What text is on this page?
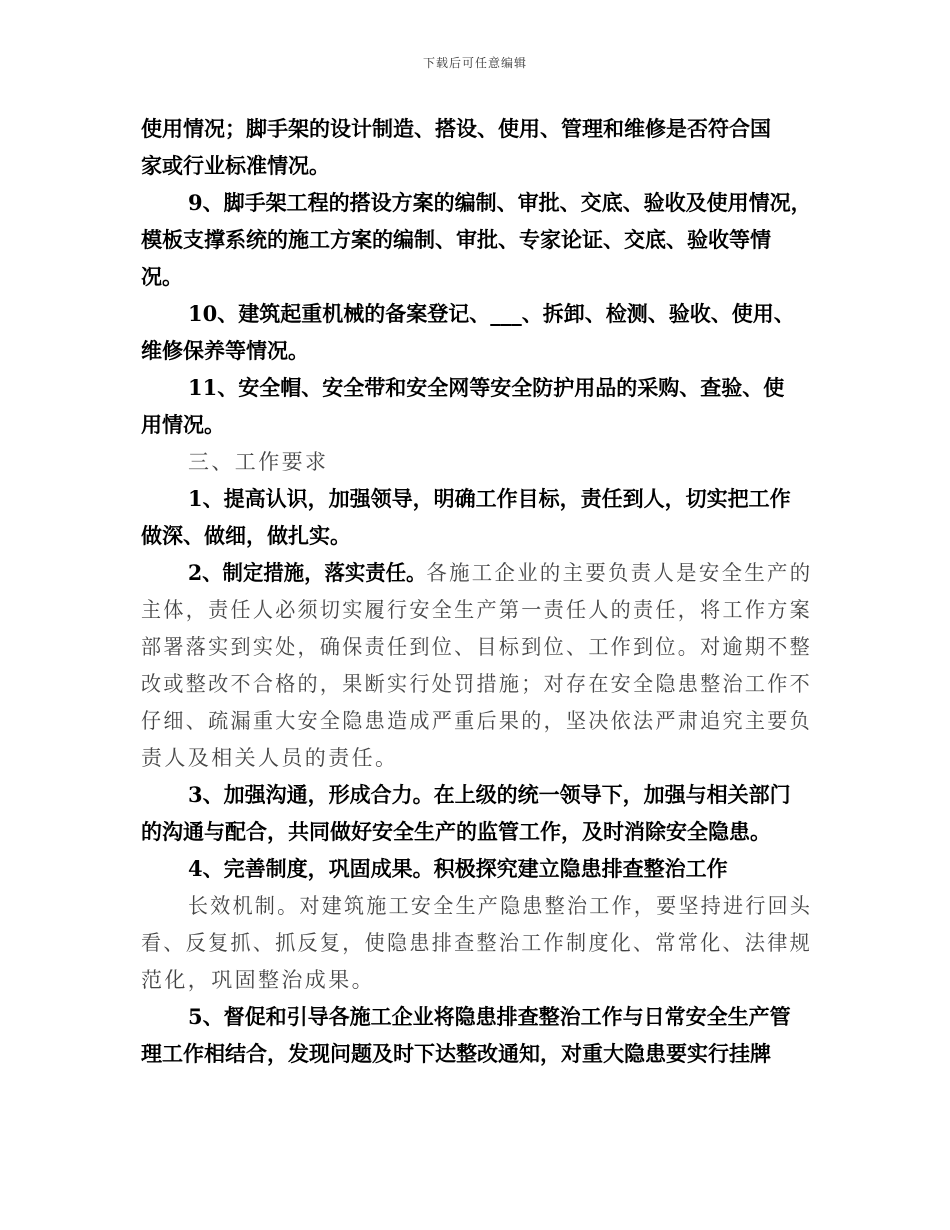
下载后可任意编辑
使用情况；脚手架的设计制造、搭设、使用、管理和维修是否符合国
家或行业标准情况。
9、脚手架工程的搭设方案的编制、审批、交底、验收及使用情况，
模板支撑系统的施工方案的编制、审批、专家论证、交底、验收等情
况。
10、建筑起重机械的备案登记、___、拆卸、检测、验收、使用、
维修保养等情况。
11、安全帽、安全带和安全网等安全防护用品的采购、查验、使
用情况。
三、工作要求
1、提高认识，加强领导，明确工作目标，责任到人，切实把工作
做深、做细，做扎实。
2、制定措施，落实责任。各施工企业的主要负责人是安全生产的
主体，责任人必须切实履行安全生产第一责任人的责任，将工作方案
部署落实到实处，确保责任到位、目标到位、工作到位。对逾期不整
改或整改不合格的，果断实行处罚措施；对存在安全隐患整治工作不
仔细、疏漏重大安全隐患造成严重后果的，坚决依法严肃追究主要负
责人及相关人员的责任。
3、加强沟通，形成合力。在上级的统一领导下，加强与相关部门
的沟通与配合，共同做好安全生产的监管工作，及时消除安全隐患。
4、完善制度，巩固成果。积极探究建立隐患排查整治工作
长效机制。对建筑施工安全生产隐患整治工作，要坚持进行回头
看、反复抓、抓反复，使隐患排查整治工作制度化、常常化、法律规
范化，巩固整治成果。
5、督促和引导各施工企业将隐患排查整治工作与日常安全生产管
理工作相结合，发现问题及时下达整改通知，对重大隐患要实行挂牌
